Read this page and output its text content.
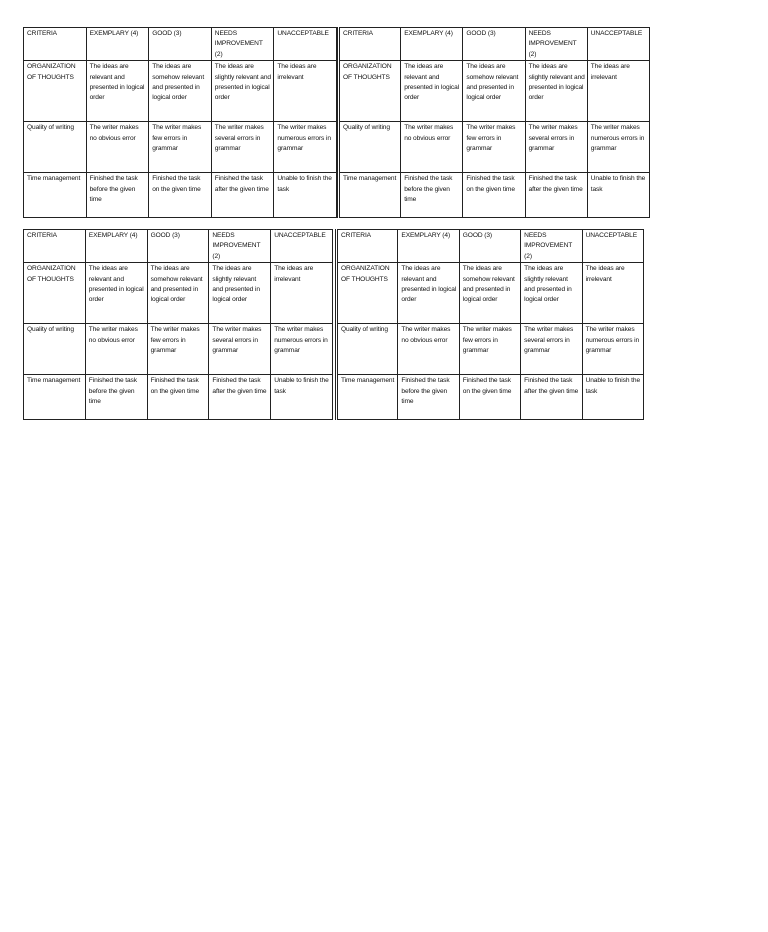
CRITERIA	EXEMPLARY (4)	GOOD (3)	NEEDS IMPROVEMENT (2)	UNACCEPTABLE
ORGANIZATION OF THOUGHTS	The ideas are relevant and presented in logical order	The ideas are somehow relevant and presented in logical order	The ideas are slightly relevant and presented in logical order	The ideas are irrelevant
Quality of writing	The writer makes no obvious error	The writer makes few errors in grammar	The writer makes several errors in grammar	The writer makes numerous errors in grammar
Time management	Finished the task before the given time	Finished the task on the given time	Finished the task after the given time	Unable to finish the task
CRITERIA	EXEMPLARY (4)	GOOD (3)	NEEDS IMPROVEMENT (2)	UNACCEPTABLE
ORGANIZATION OF THOUGHTS	The ideas are relevant and presented in logical order	The ideas are somehow relevant and presented in logical order	The ideas are slightly relevant and presented in logical order	The ideas are irrelevant
Quality of writing	The writer makes no obvious error	The writer makes few errors in grammar	The writer makes several errors in grammar	The writer makes numerous errors in grammar
Time management	Finished the task before the given time	Finished the task on the given time	Finished the task after the given time	Unable to finish the task
CRITERIA	EXEMPLARY (4)	GOOD (3)	NEEDS IMPROVEMENT (2)	UNACCEPTABLE
ORGANIZATION OF THOUGHTS	The ideas are relevant and presented in logical order	The ideas are somehow relevant and presented in logical order	The ideas are slightly relevant and presented in logical order	The ideas are irrelevant
Quality of writing	The writer makes no obvious error	The writer makes few errors in grammar	The writer makes several errors in grammar	The writer makes numerous errors in grammar
Time management	Finished the task before the given time	Finished the task on the given time	Finished the task after the given time	Unable to finish the task
CRITERIA	EXEMPLARY (4)	GOOD (3)	NEEDS IMPROVEMENT (2)	UNACCEPTABLE
ORGANIZATION OF THOUGHTS	The ideas are relevant and presented in logical order	The ideas are somehow relevant and presented in logical order	The ideas are slightly relevant and presented in logical order	The ideas are irrelevant
Quality of writing	The writer makes no obvious error	The writer makes few errors in grammar	The writer makes several errors in grammar	The writer makes numerous errors in grammar
Time management	Finished the task before the given time	Finished the task on the given time	Finished the task after the given time	Unable to finish the task
